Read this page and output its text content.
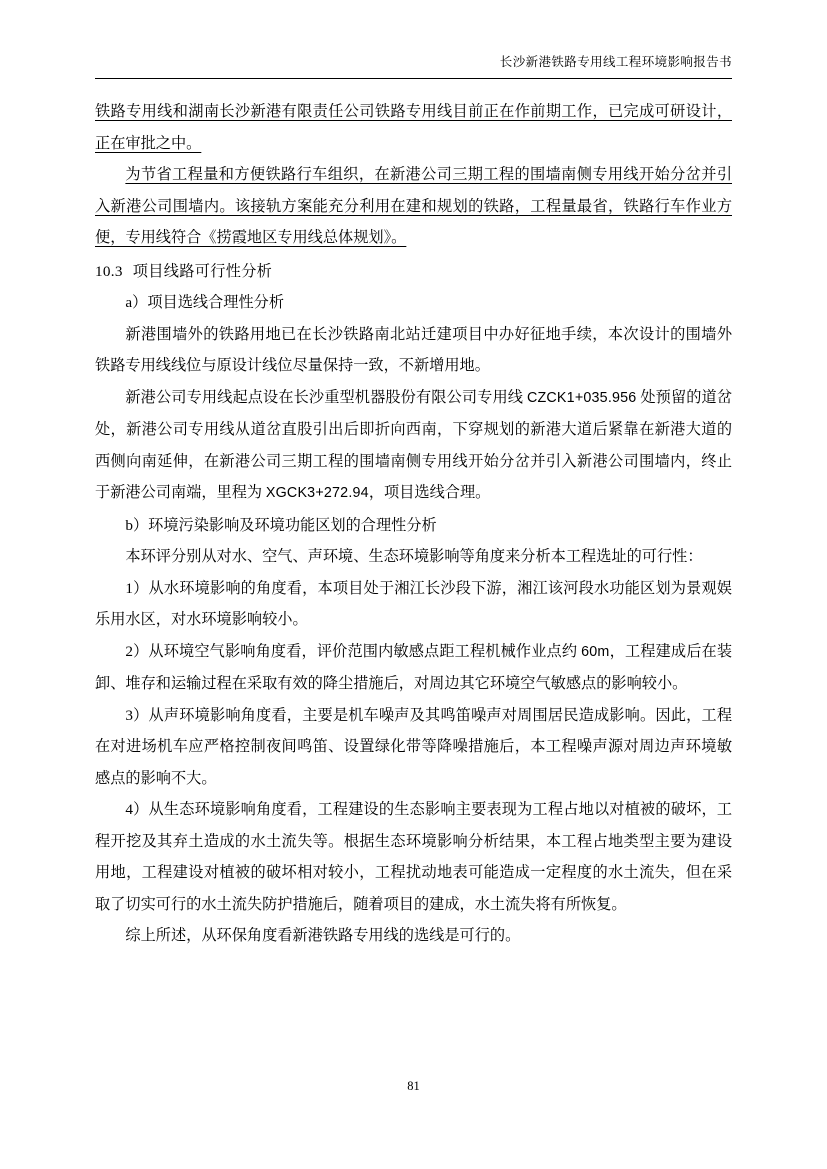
长沙新港铁路专用线工程环境影响报告书

铁路专用线和湖南长沙新港有限责任公司铁路专用线目前正在作前期工作，已完成可研设计，正在审批之中。

为节省工程量和方便铁路行车组织，在新港公司三期工程的围墙南侧专用线开始分岔并引入新港公司围墙内。该接轨方案能充分利用在建和规划的铁路，工程量最省，铁路行车作业方便，专用线符合《捞霞地区专用线总体规划》。

10.3 项目线路可行性分析

a）项目选线合理性分析

新港围墙外的铁路用地已在长沙铁路南北站迁建项目中办好征地手续，本次设计的围墙外铁路专用线线位与原设计线位尽量保持一致，不新增用地。

新港公司专用线起点设在长沙重型机器股份有限公司专用线 CZCK1+035.956 处预留的道岔处，新港公司专用线从道岔直股引出后即折向西南，下穿规划的新港大道后紧靠在新港大道的西侧向南延伸，在新港公司三期工程的围墙南侧专用线开始分岔并引入新港公司围墙内，终止于新港公司南端，里程为 XGCK3+272.94，项目选线合理。

b）环境污染影响及环境功能区划的合理性分析

本环评分别从对水、空气、声环境、生态环境影响等角度来分析本工程选址的可行性：

1）从水环境影响的角度看，本项目处于湘江长沙段下游，湘江该河段水功能区划为景观娱乐用水区，对水环境影响较小。

2）从环境空气影响角度看，评价范围内敏感点距工程机械作业点约 60m，工程建成后在装卸、堆存和运输过程在采取有效的降尘措施后，对周边其它环境空气敏感点的影响较小。

3）从声环境影响角度看，主要是机车噪声及其鸣笛噪声对周围居民造成影响。因此，工程在对进场机车应严格控制夜间鸣笛、设置绿化带等降噪措施后，本工程噪声源对周边声环境敏感点的影响不大。

4）从生态环境影响角度看，工程建设的生态影响主要表现为工程占地以对植被的破坏，工程开挖及其弃土造成的水土流失等。根据生态环境影响分析结果，本工程占地类型主要为建设用地，工程建设对植被的破坏相对较小，工程扰动地表可能造成一定程度的水土流失，但在采取了切实可行的水土流失防护措施后，随着项目的建成，水土流失将有所恢复。

综上所述，从环保角度看新港铁路专用线的选线是可行的。

81
